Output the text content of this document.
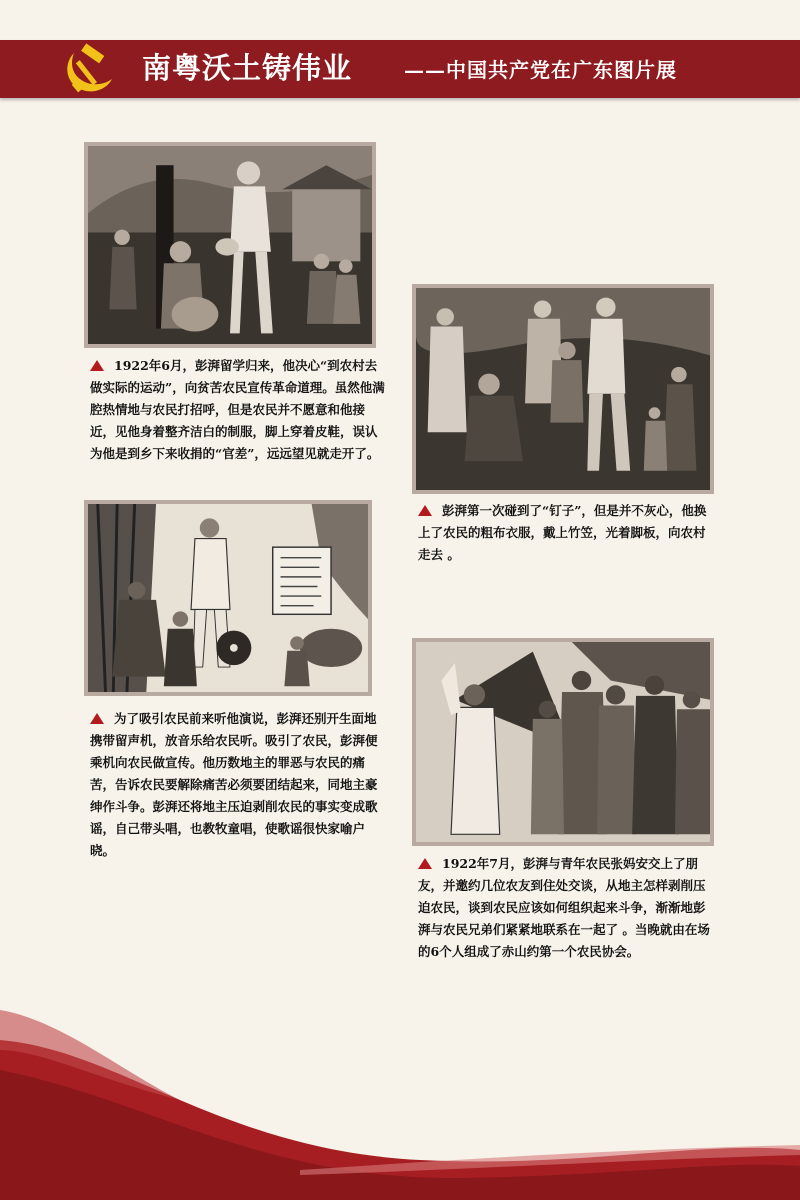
南粤沃土铸伟业	——中国共产党在广东图片展
1922年6月，彭湃留学归来，他决心“到农村去做实际的运动”，向贫苦农民宣传革命道理。虽然他满腔热情地与农民打招呼，但是农民并不愿意和他接近，见他身着整齐洁白的制服，脚上穿着皮鞋，误认为他是到乡下来收捐的“官差”，远远望见就走开了。
彭湃第一次碰到了“钉子”，但是并不灰心，他换上了农民的粗布衣服，戴上竹笠，光着脚板，向农村走去 。
为了吸引农民前来听他演说，彭湃还别开生面地携带留声机，放音乐给农民听。吸引了农民，彭湃便乘机向农民做宣传。他历数地主的罪恶与农民的痛苦，告诉农民要解除痛苦必须要团结起来，同地主豪绅作斗争。彭湃还将地主压迫剥削农民的事实变成歌谣，自己带头唱，也教牧童唱，使歌谣很快家喻户晓。
1922年7月，彭湃与青年农民张妈安交上了朋友，并邀约几位农友到住处交谈，从地主怎样剥削压迫农民，谈到农民应该如何组织起来斗争，渐渐地彭湃与农民兄弟们紧紧地联系在一起了 。当晚就由在场的6个人组成了赤山约第一个农民协会。
